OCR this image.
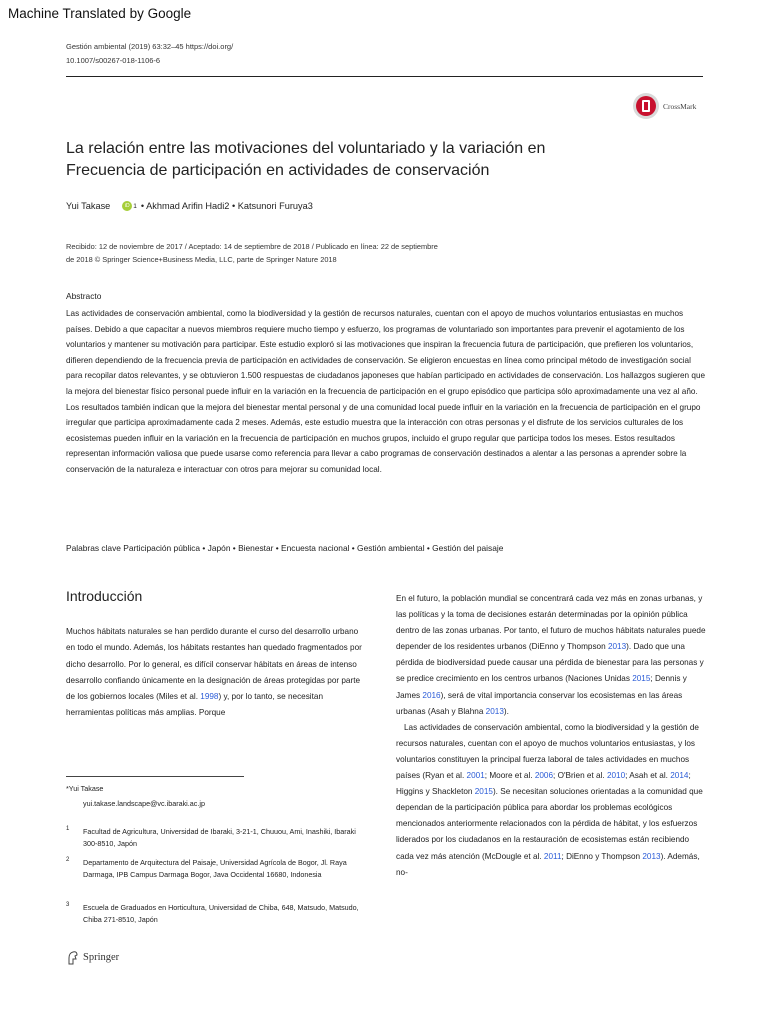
Machine Translated by Google
Gestión ambiental (2019) 63:32–45 https://doi.org/
10.1007/s00267-018-1106-6
CrossMark
La relación entre las motivaciones del voluntariado y la variación en
Frecuencia de participación en actividades de conservación
Yui Takase	iD 1 • Akhmad Arifin Hadi2 • Katsunori Furuya3
Recibido: 12 de noviembre de 2017 / Aceptado: 14 de septiembre de 2018 / Publicado en línea: 22 de septiembre
de 2018 © Springer Science+Business Media, LLC, parte de Springer Nature 2018
Abstracto
Las actividades de conservación ambiental, como la biodiversidad y la gestión de recursos naturales, cuentan con el apoyo de muchos voluntarios entusiastas en muchos países. Debido a que capacitar a nuevos miembros requiere mucho tiempo y esfuerzo, los programas de voluntariado son importantes para prevenir el agotamiento de los voluntarios y mantener su motivación para participar. Este estudio exploró si las motivaciones que inspiran la frecuencia futura de participación, que prefieren los voluntarios, difieren dependiendo de la frecuencia previa de participación en actividades de conservación. Se eligieron encuestas en línea como principal método de investigación social para recopilar datos relevantes, y se obtuvieron 1.500 respuestas de ciudadanos japoneses que habían participado en actividades de conservación. Los hallazgos sugieren que la mejora del bienestar físico personal puede influir en la variación en la frecuencia de participación en el grupo episódico que participa sólo aproximadamente una vez al año. Los resultados también indican que la mejora del bienestar mental personal y de una comunidad local puede influir en la variación en la frecuencia de participación en el grupo irregular que participa aproximadamente cada 2 meses. Además, este estudio muestra que la interacción con otras personas y el disfrute de los servicios culturales de los ecosistemas pueden influir en la variación en la frecuencia de participación en muchos grupos, incluido el grupo regular que participa todos los meses. Estos resultados representan información valiosa que puede usarse como referencia para llevar a cabo programas de conservación destinados a alentar a las personas a aprender sobre la conservación de la naturaleza e interactuar con otros para mejorar su comunidad local.
Palabras clave Participación pública • Japón • Bienestar • Encuesta nacional • Gestión ambiental • Gestión del paisaje
Introducción
Muchos hábitats naturales se han perdido durante el curso del desarrollo urbano en todo el mundo. Además, los hábitats restantes han quedado fragmentados por dicho desarrollo. Por lo general, es difícil conservar hábitats en áreas de intenso desarrollo confiando únicamente en la designación de áreas protegidas por parte de los gobiernos locales (Miles et al. 1998) y, por lo tanto, se necesitan herramientas políticas más amplias. Porque
En el futuro, la población mundial se concentrará cada vez más en zonas urbanas, y las políticas y la toma de decisiones estarán determinadas por la opinión pública dentro de las zonas urbanas. Por tanto, el futuro de muchos hábitats naturales puede depender de los residentes urbanos (DiEnno y Thompson 2013). Dado que una pérdida de biodiversidad puede causar una pérdida de bienestar para las personas y se predice crecimiento en los centros urbanos (Naciones Unidas 2015; Dennis y James 2016), será de vital importancia conservar los ecosistemas en las áreas urbanas (Asah y Blahna 2013).
Las actividades de conservación ambiental, como la biodiversidad y la gestión de recursos naturales, cuentan con el apoyo de muchos voluntarios entusiastas, y los voluntarios constituyen la principal fuerza laboral de tales actividades en muchos países (Ryan et al. 2001; Moore et al. 2006; O'Brien et al. 2010; Asah et al. 2014; Higgins y Shackleton 2015). Se necesitan soluciones orientadas a la comunidad que dependan de la participación pública para abordar los problemas ecológicos mencionados anteriormente relacionados con la pérdida de hábitat, y los esfuerzos liderados por los ciudadanos en la restauración de ecosistemas están recibiendo cada vez más atención (McDougle et al. 2011; DiEnno y Thompson 2013). Además, no-
*Yui Takase
yui.takase.landscape@vc.ibaraki.ac.jp
1 Facultad de Agricultura, Universidad de Ibaraki, 3-21-1, Chuuou, Ami, Inashiki, Ibaraki 300-8510, Japón
2 Departamento de Arquitectura del Paisaje, Universidad Agrícola de Bogor, Jl. Raya Darmaga, IPB Campus Darmaga Bogor, Java Occidental 16680, Indonesia
3 Escuela de Graduados en Horticultura, Universidad de Chiba, 648, Matsudo, Matsudo, Chiba 271-8510, Japón
Springer
